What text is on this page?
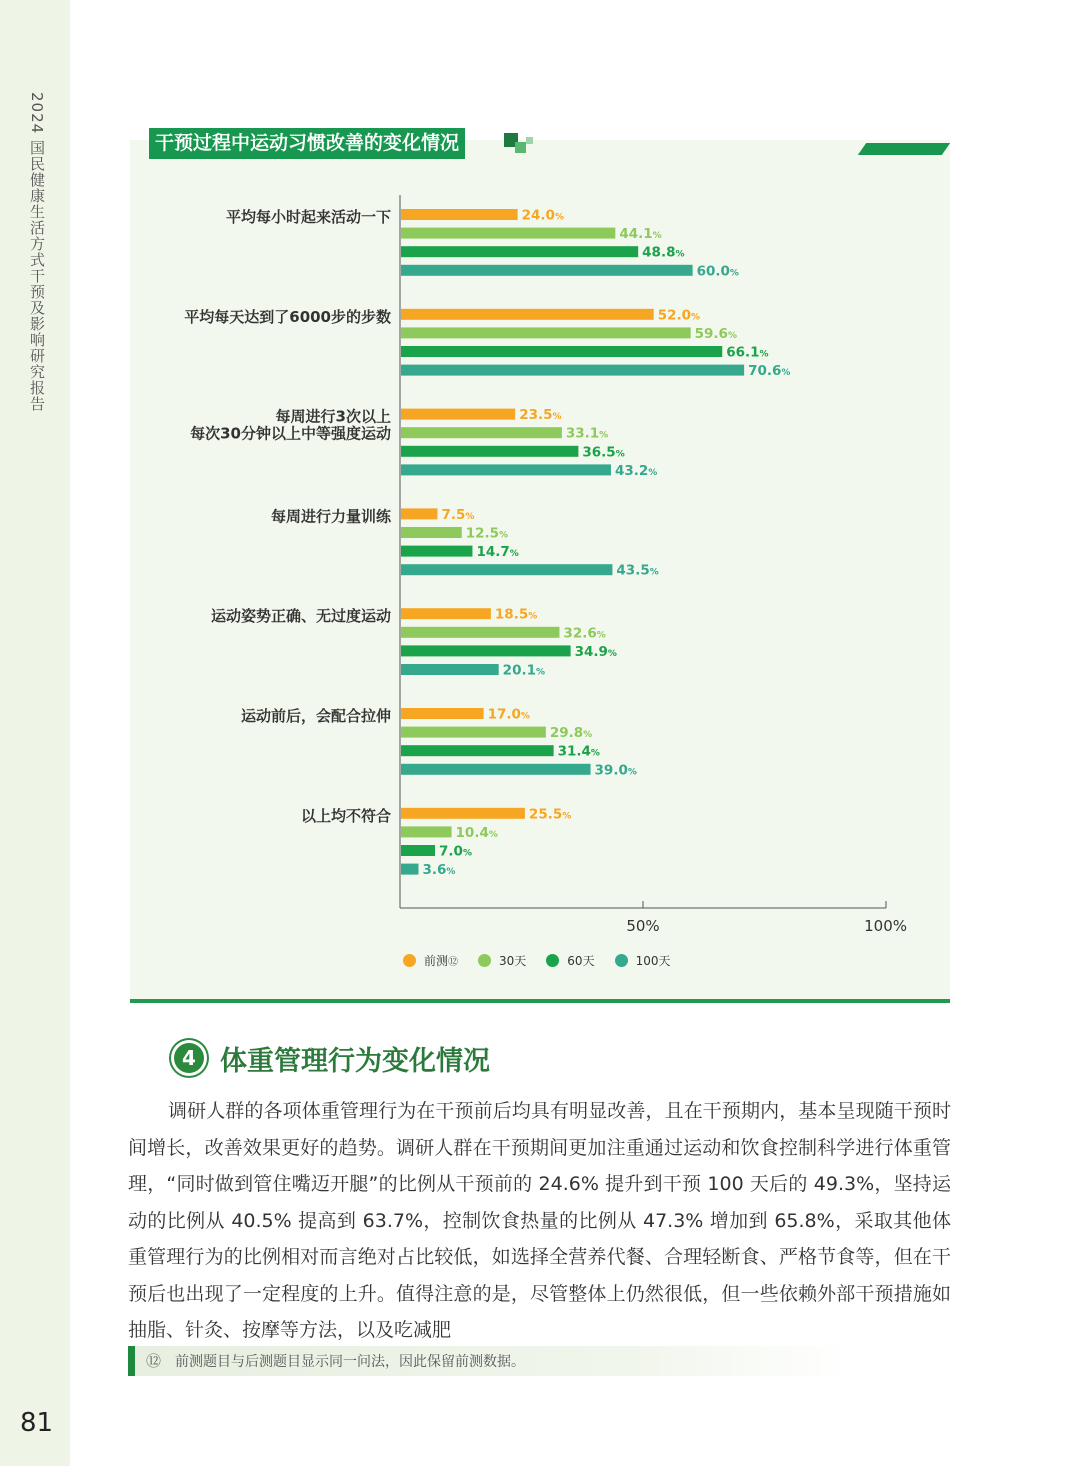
2024 国民健康生活方式干预及影响研究报告
81
干预过程中运动习惯改善的变化情况
50%	100%
平均每小时起来活动一下	24.0%
44.1%
48.8%
60.0%
平均每天达到了6000步的步数	52.0%
59.6%
66.1%
70.6%
每周进行3次以上
每次30分钟以上中等强度运动
23.5%
33.1%
36.5%
43.2%
每周进行力量训练	7.5%
12.5%
14.7%
43.5%
运动姿势正确、无过度运动	18.5%
32.6%
34.9%
20.1%
运动前后，会配合拉伸	17.0%
29.8%
31.4%
39.0%
以上均不符合	25.5%
10.4%
7.0%
3.6%
前测 ⑫	30天	60天	100天
4 体重管理行为变化情况
调研人群的各项体重管理行为在干预前后均具有明显改善，且在干预期内，基本呈现随干预时间增长，改善效果更好的趋势。调研人群在干预期间更加注重通过运动和饮食控制科学进行体重管理，“同时做到管住嘴迈开腿”的比例从干预前的 24.6% 提升到干预 100 天后的 49.3%，坚持运动的比例从 40.5% 提高到 63.7%，控制饮食热量的比例从 47.3% 增加到 65.8%，采取其他体重管理行为的比例相对而言绝对占比较低，如选择全营养代餐、合理轻断食、严格节食等，但在干预后也出现了一定程度的上升。值得注意的是，尽管整体上仍然很低，但一些依赖外部干预措施如抽脂、针灸、按摩等方法，以及吃减肥
⑫ 前测题目与后测题目显示同一问法，因此保留前测数据。
